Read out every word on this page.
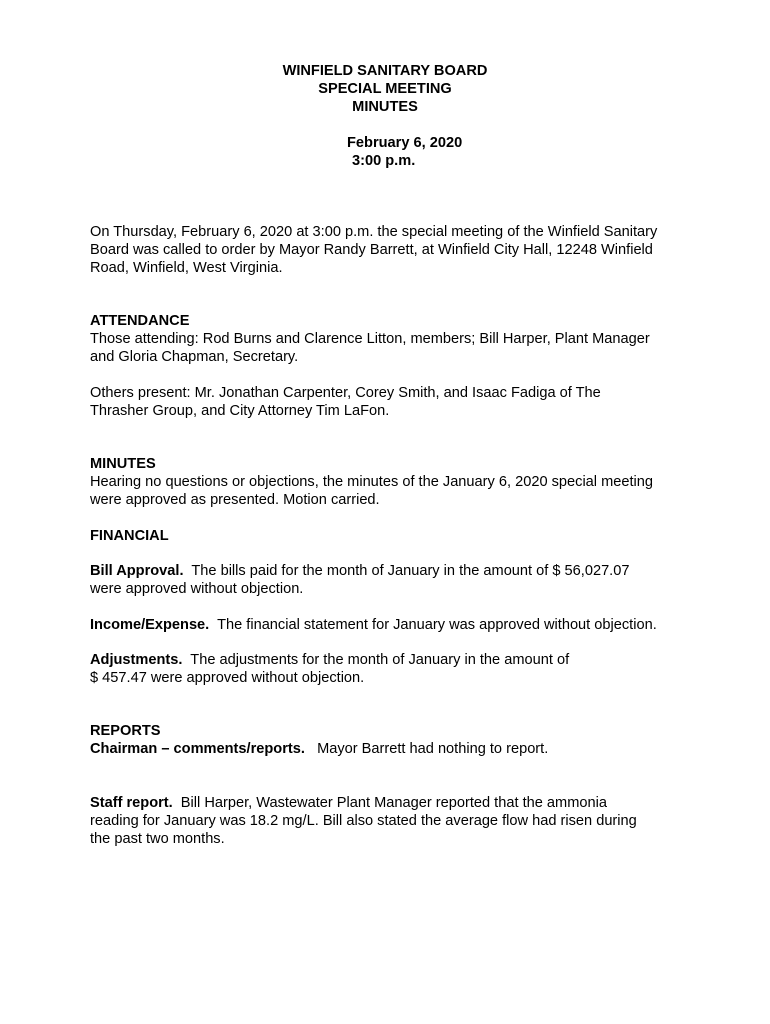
WINFIELD SANITARY BOARD
SPECIAL MEETING
MINUTES
February 6, 2020
3:00 p.m.
On Thursday, February 6, 2020 at 3:00 p.m. the special meeting of the Winfield Sanitary
Board was called to order by Mayor Randy Barrett, at Winfield City Hall, 12248 Winfield
Road, Winfield, West Virginia.
ATTENDANCE
Those attending: Rod Burns and Clarence Litton, members; Bill Harper, Plant Manager
and Gloria Chapman, Secretary.
Others present: Mr. Jonathan Carpenter, Corey Smith, and Isaac Fadiga of The
Thrasher Group, and City Attorney Tim LaFon.
MINUTES
Hearing no questions or objections, the minutes of the January 6, 2020 special meeting
were approved as presented. Motion carried.
FINANCIAL
Bill Approval.  The bills paid for the month of January in the amount of $ 56,027.07
were approved without objection.
Income/Expense.  The financial statement for January was approved without objection.
Adjustments.  The adjustments for the month of January in the amount of
$ 457.47 were approved without objection.
REPORTS
Chairman – comments/reports.   Mayor Barrett had nothing to report.
Staff report.  Bill Harper, Wastewater Plant Manager reported that the ammonia
reading for January was 18.2 mg/L. Bill also stated the average flow had risen during
the past two months.
